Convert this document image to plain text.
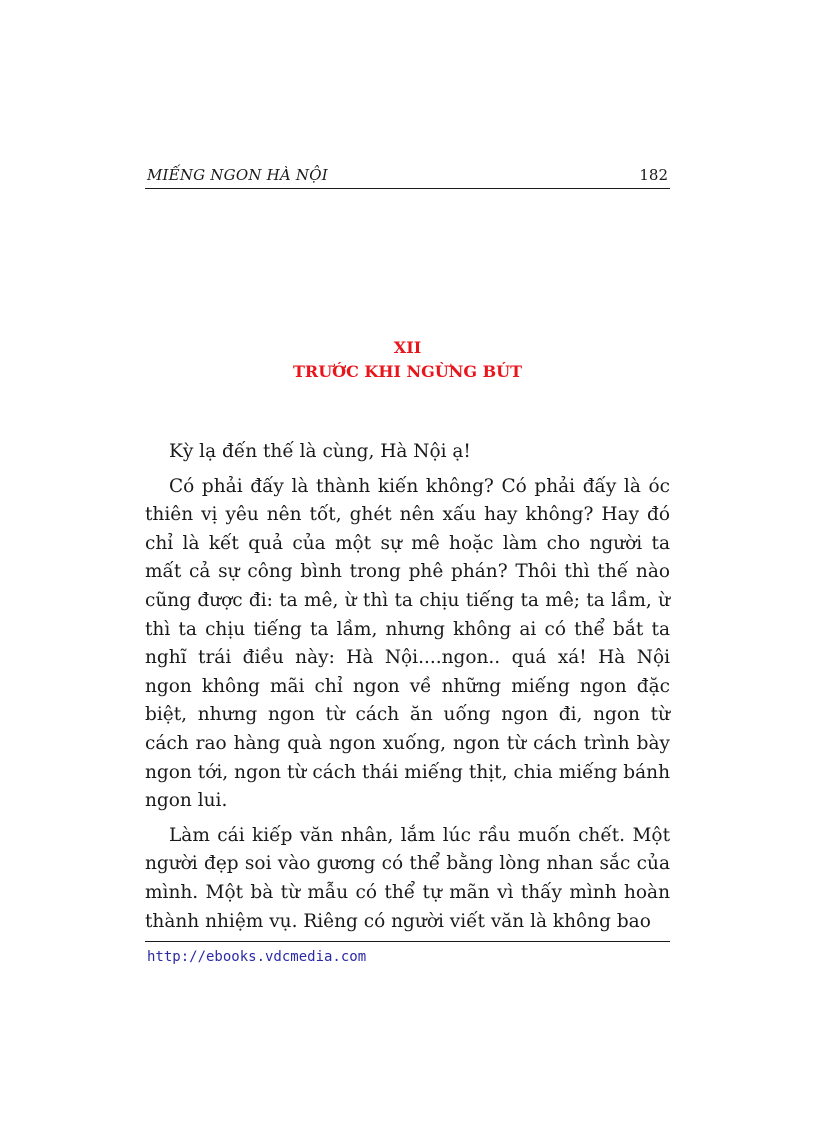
MIẾNG NGON HÀ NỘI	182
XII
TRƯỚC KHI NGỪNG BÚT

Kỳ lạ đến thế là cùng, Hà Nội ạ!

Có phải đấy là thành kiến không? Có phải đấy là óc thiên vị yêu nên tốt, ghét nên xấu hay không? Hay đó chỉ là kết quả của một sự mê hoặc làm cho người ta mất cả sự công bình trong phê phán? Thôi thì thế nào cũng được đi: ta mê, ừ thì ta chịu tiếng ta mê; ta lầm, ừ thì ta chịu tiếng ta lầm, nhưng không ai có thể bắt ta nghĩ trái điều này: Hà Nội....ngon.. quá xá! Hà Nội ngon không mãi chỉ ngon về những miếng ngon đặc biệt, nhưng ngon từ cách ăn uống ngon đi, ngon từ cách rao hàng quà ngon xuống, ngon từ cách trình bày ngon tới, ngon từ cách thái miếng thịt, chia miếng bánh ngon lui.

Làm cái kiếp văn nhân, lắm lúc rầu muốn chết. Một người đẹp soi vào gương có thể bằng lòng nhan sắc của mình. Một bà từ mẫu có thể tự mãn vì thấy mình hoàn thành nhiệm vụ. Riêng có người viết văn là không bao

http://ebooks.vdcmedia.com
